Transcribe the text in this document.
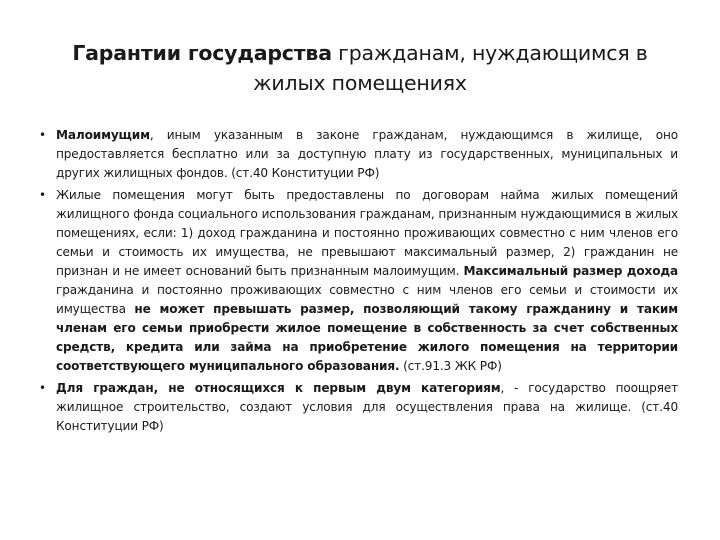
Гарантии государства гражданам, нуждающимся в жилых помещениях
• Малоимущим, иным указанным в законе гражданам, нуждающимся в жилище, оно предоставляется бесплатно или за доступную плату из государственных, муниципальных и других жилищных фондов. (ст.40 Конституции РФ)
• Жилые помещения могут быть предоставлены по договорам найма жилых помещений жилищного фонда социального использования гражданам, признанным нуждающимися в жилых помещениях, если: 1) доход гражданина и постоянно проживающих совместно с ним членов его семьи и стоимость их имущества, не превышают максимальный размер, 2) гражданин не признан и не имеет оснований быть признанным малоимущим. Максимальный размер дохода гражданина и постоянно проживающих совместно с ним членов его семьи и стоимости их имущества не может превышать размер, позволяющий такому гражданину и таким членам его семьи приобрести жилое помещение в собственность за счет собственных средств, кредита или займа на приобретение жилого помещения на территории соответствующего муниципального образования. (ст.91.3 ЖК РФ)
• Для граждан, не относящихся к первым двум категориям, - государство поощряет жилищное строительство, создают условия для осуществления права на жилище. (ст.40 Конституции РФ)
